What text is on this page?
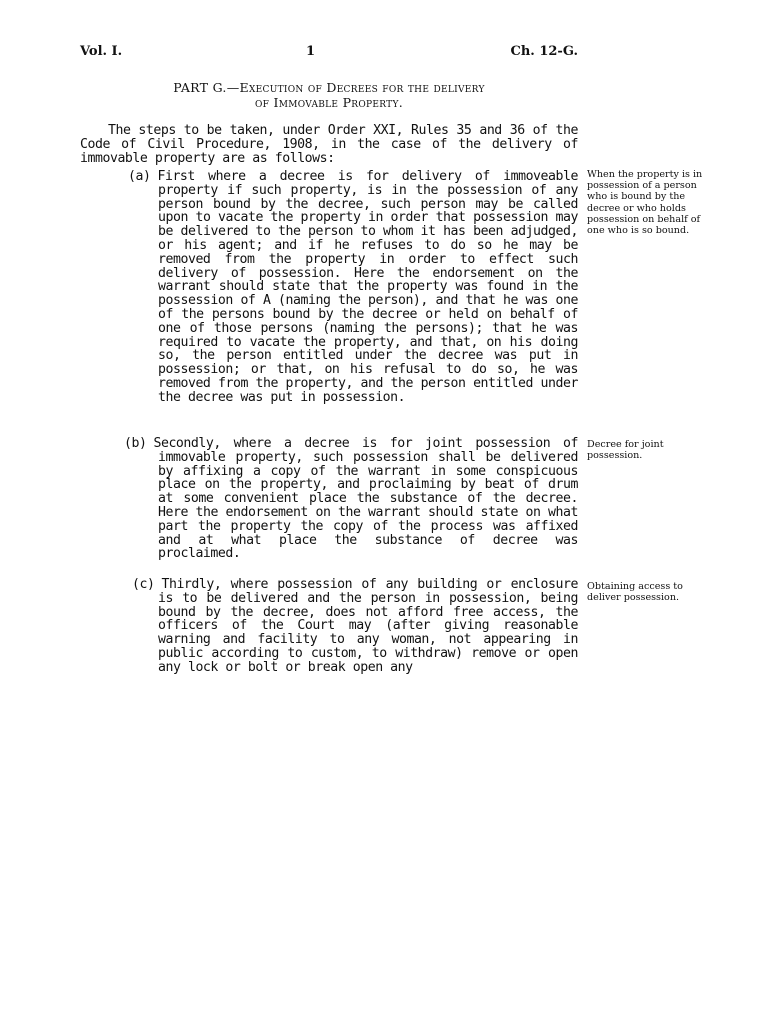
Vol. I.	1	Ch. 12-G.
PART G.—Execution of Decrees for the delivery
of Immovable Property.
The steps to be taken, under Order XXI, Rules 35 and 36 of the Code of Civil Procedure, 1908, in the case of the delivery of immovable property are as follows:
(a) First where a decree is for delivery of immoveable property if such property, is in the possession of any person bound by the decree, such person may be called upon to vacate the property in order that possession may be delivered to the person to whom it has been adjudged, or his agent; and if he refuses to do so he may be removed from the property in order to effect such delivery of possession. Here the endorsement on the warrant should state that the property was found in the possession of A (naming the person), and that he was one of the persons bound by the decree or held on behalf of one of those persons (naming the persons); that he was required to vacate the property, and that, on his doing so, the person entitled under the decree was put in possession; or that, on his refusal to do so, he was removed from the property, and the person entitled under the decree was put in possession.
When the property is in possession of a person who is bound by the decree or who holds possession on behalf of one who is so bound.
(b) Secondly, where a decree is for joint possession of immovable property, such possession shall be delivered by affixing a copy of the warrant in some conspicuous place on the property, and proclaiming by beat of drum at some convenient place the substance of the decree. Here the endorsement on the warrant should state on what part the property the copy of the process was affixed and at what place the substance of decree was proclaimed.
Decree for joint possession.
(c) Thirdly, where possession of any building or enclosure is to be delivered and the person in possession, being bound by the decree, does not afford free access, the officers of the Court may (after giving reasonable warning and facility to any woman, not appearing in public according to custom, to withdraw) remove or open any lock or bolt or break open any
Obtaining access to deliver possession.
